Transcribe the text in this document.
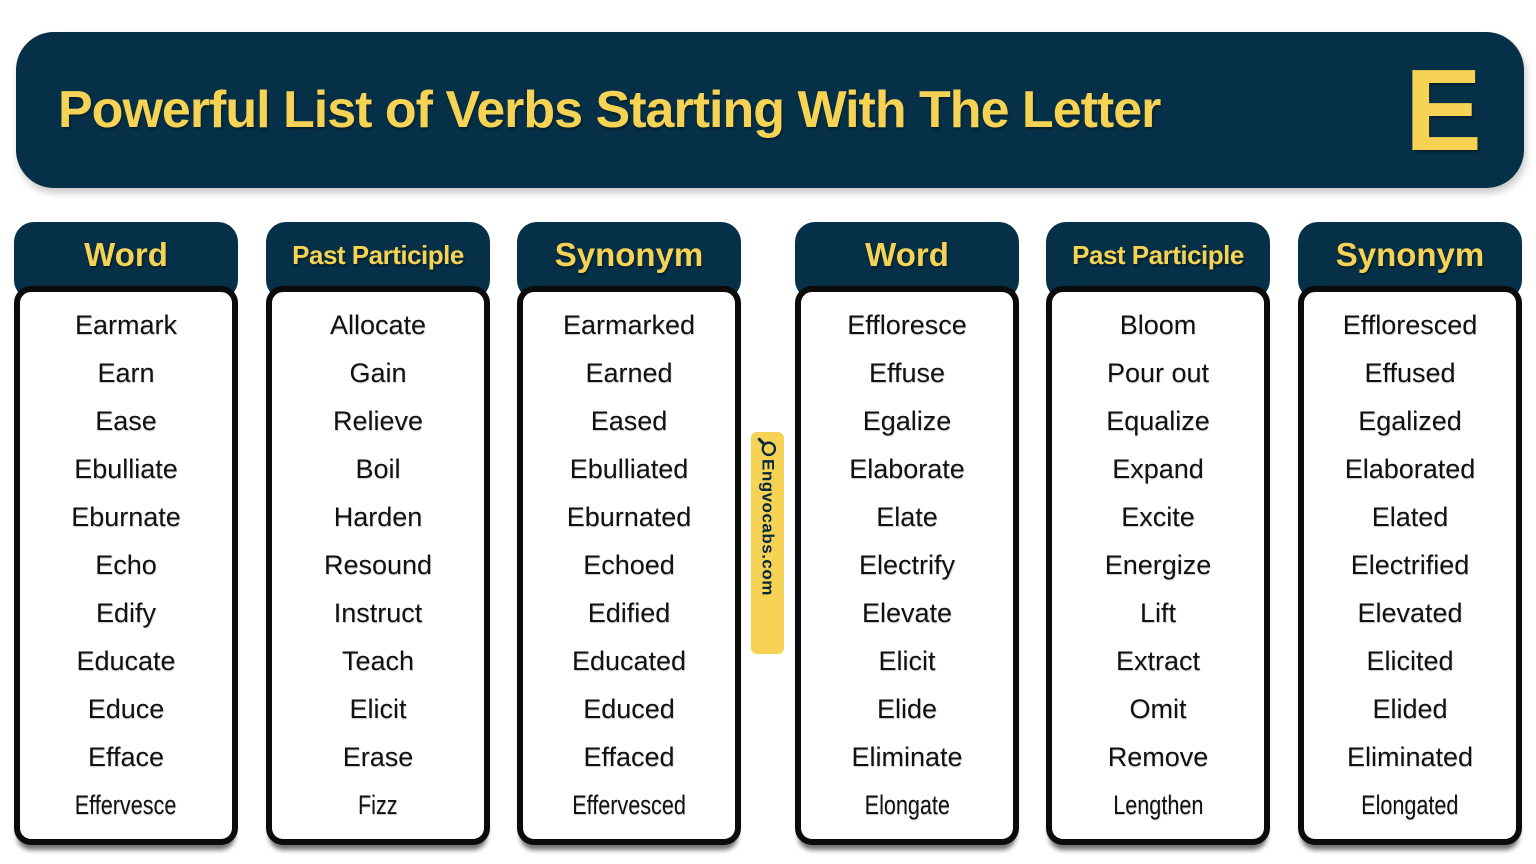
Powerful List of Verbs Starting With The Letter E
Word
Earmark
Earn
Ease
Ebulliate
Eburnate
Echo
Edify
Educate
Educe
Efface
Effervesce
Past Participle
Allocate
Gain
Relieve
Boil
Harden
Resound
Instruct
Teach
Elicit
Erase
Fizz
Synonym
Earmarked
Earned
Eased
Ebulliated
Eburnated
Echoed
Edified
Educated
Educed
Effaced
Effervesced
Word
Effloresce
Effuse
Egalize
Elaborate
Elate
Electrify
Elevate
Elicit
Elide
Eliminate
Elongate
Past Participle
Bloom
Pour out
Equalize
Expand
Excite
Energize
Lift
Extract
Omit
Remove
Lengthen
Synonym
Effloresced
Effused
Egalized
Elaborated
Elated
Electrified
Elevated
Elicited
Elided
Eliminated
Elongated
Engvocabs.com
